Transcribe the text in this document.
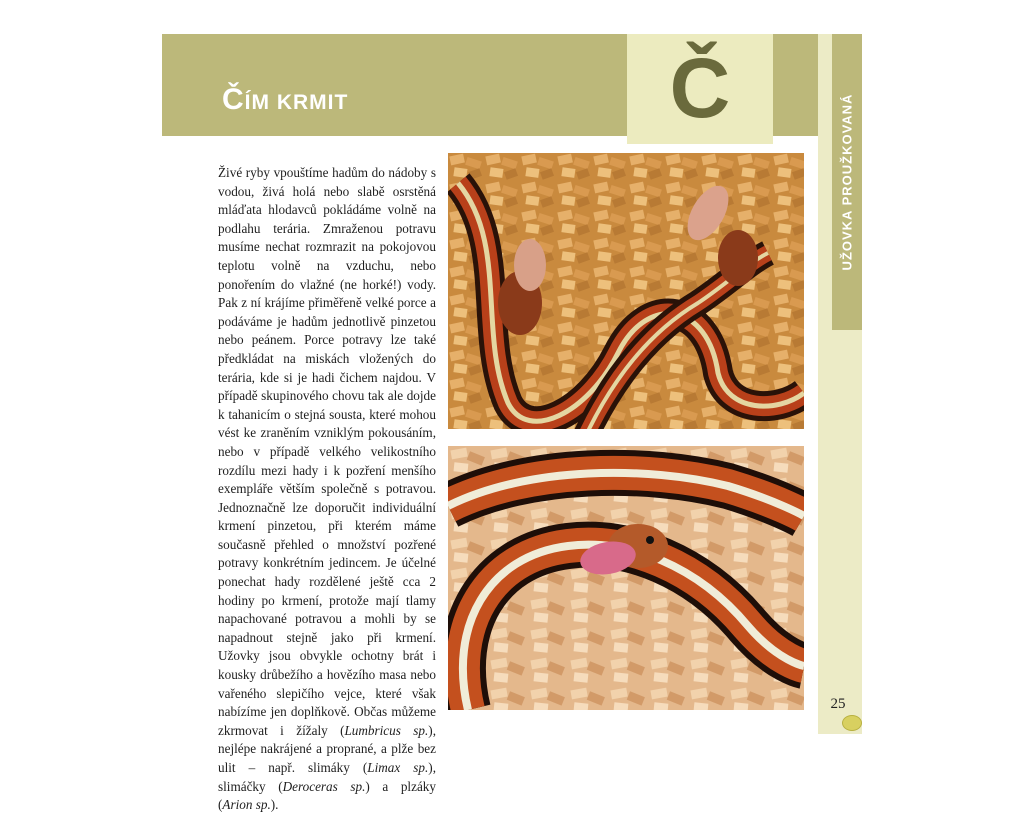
ČÍM KRMIT	Č
UŽOVKA PROUŽKOVANÁ
Živé ryby vpouštíme hadům do nádoby s vodou, živá holá nebo slabě osrstěná mláďata hlodavců pokládáme volně na podlahu terária. Zmraženou potravu musíme nechat rozmrazit na pokojovou teplotu volně na vzduchu, nebo ponořením do vlažné (ne horké!) vody. Pak z ní krájíme přiměřeně velké porce a podáváme je hadům jednotlivě pinzetou nebo peánem. Porce potravy lze také předkládat na miskách vložených do terária, kde si je hadi čichem najdou. V případě skupinového chovu tak ale dojde k tahanicím o stejná sousta, které mohou vést ke zraněním vzniklým pokousáním, nebo v případě velkého velikostního rozdílu mezi hady i k pozření menšího exempláře větším společně s potravou. Jednoznačně lze doporučit individuální krmení pinzetou, při kterém máme současně přehled o množství pozřené potravy konkrétním jedincem. Je účelné ponechat hady rozdělené ještě cca 2 hodiny po krmení, protože mají tlamy napachované potravou a mohli by se napadnout stejně jako při krmení. Užovky jsou obvykle ochotny brát i kousky drůbežího a hovězího masa nebo vařeného slepičího vejce, které však nabízíme jen doplňkově. Občas můžeme zkrmovat i žížaly (Lumbricus sp.), nejlépe nakrájené a proprané, a plže bez ulit – např. slimáky (Limax sp.), slimáčky (Deroceras sp.) a plzáky (Arion sp.).
25
